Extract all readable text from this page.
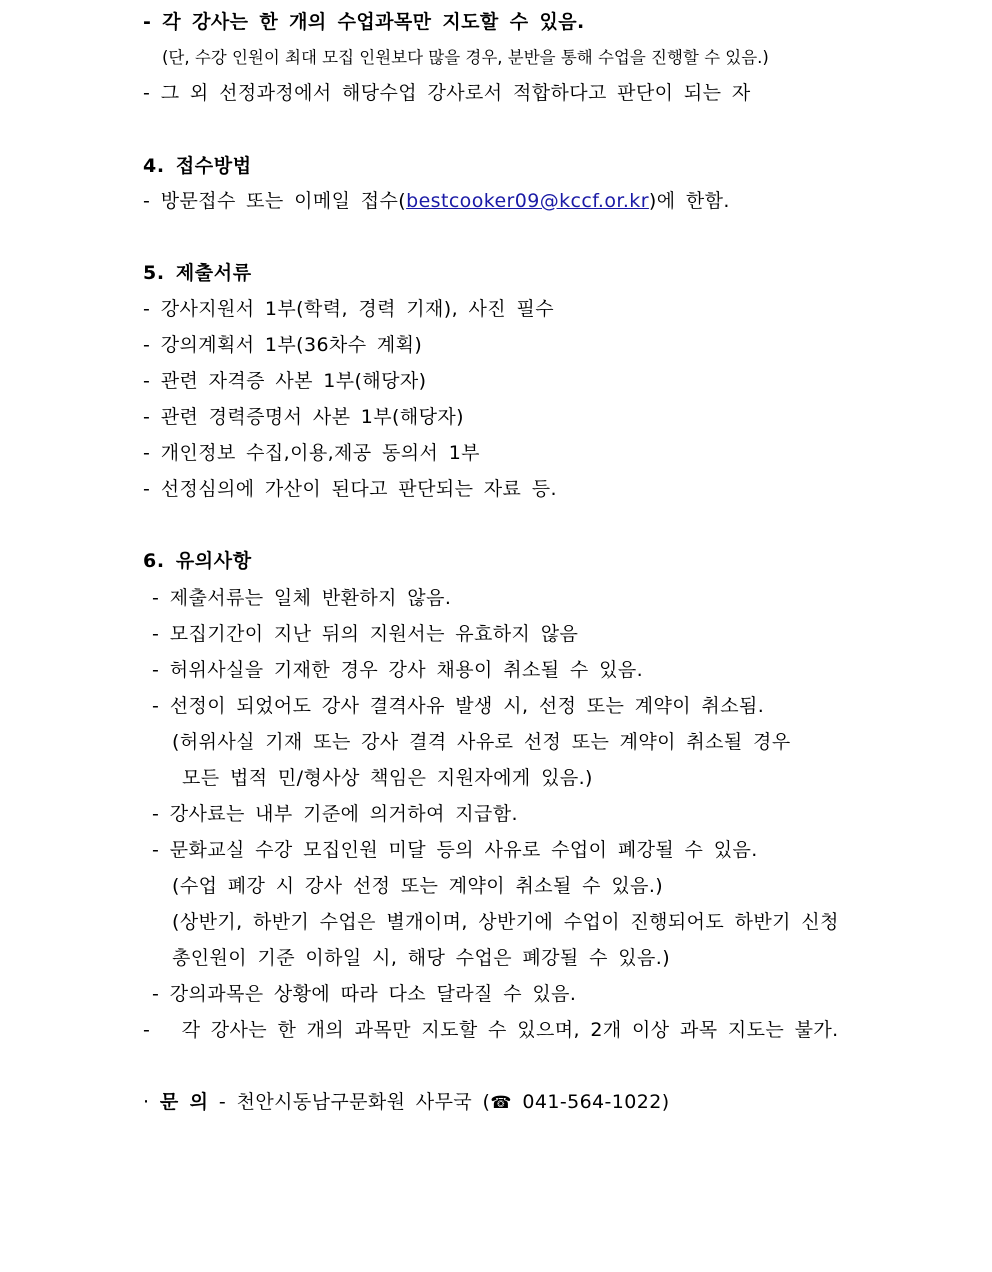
- 각 강사는 한 개의 수업과목만 지도할 수 있음.
(단, 수강 인원이 최대 모집 인원보다 많을 경우, 분반을 통해 수업을 진행할 수 있음.)
- 그 외 선정과정에서 해당수업 강사로서 적합하다고 판단이 되는 자
4. 접수방법
- 방문접수 또는 이메일 접수(bestcooker09@kccf.or.kr)에 한함.
5. 제출서류
- 강사지원서 1부(학력, 경력 기재), 사진 필수
- 강의계획서 1부(36차수 계획)
- 관련 자격증 사본 1부(해당자)
- 관련 경력증명서 사본 1부(해당자)
- 개인정보 수집,이용,제공 동의서 1부
- 선정심의에 가산이 된다고 판단되는 자료 등.
6. 유의사항
- 제출서류는 일체 반환하지 않음.
- 모집기간이 지난 뒤의 지원서는 유효하지 않음
- 허위사실을 기재한 경우 강사 채용이 취소될 수 있음.
- 선정이 되었어도 강사 결격사유 발생 시, 선정 또는 계약이 취소됨.
(허위사실 기재 또는 강사 결격 사유로 선정 또는 계약이 취소될 경우
모든 법적 민/형사상 책임은 지원자에게 있음.)
- 강사료는 내부 기준에 의거하여 지급함.
- 문화교실 수강 모집인원 미달 등의 사유로 수업이 폐강될 수 있음.
(수업 폐강 시 강사 선정 또는 계약이 취소될 수 있음.)
(상반기, 하반기 수업은 별개이며, 상반기에 수업이 진행되어도 하반기 신청
총인원이 기준 이하일 시, 해당 수업은 폐강될 수 있음.)
- 강의과목은 상황에 따라 다소 달라질 수 있음.
-   각 강사는 한 개의 과목만 지도할 수 있으며, 2개 이상 과목 지도는 불가.
· 문 의 - 천안시동남구문화원 사무국 (☎ 041-564-1022)
